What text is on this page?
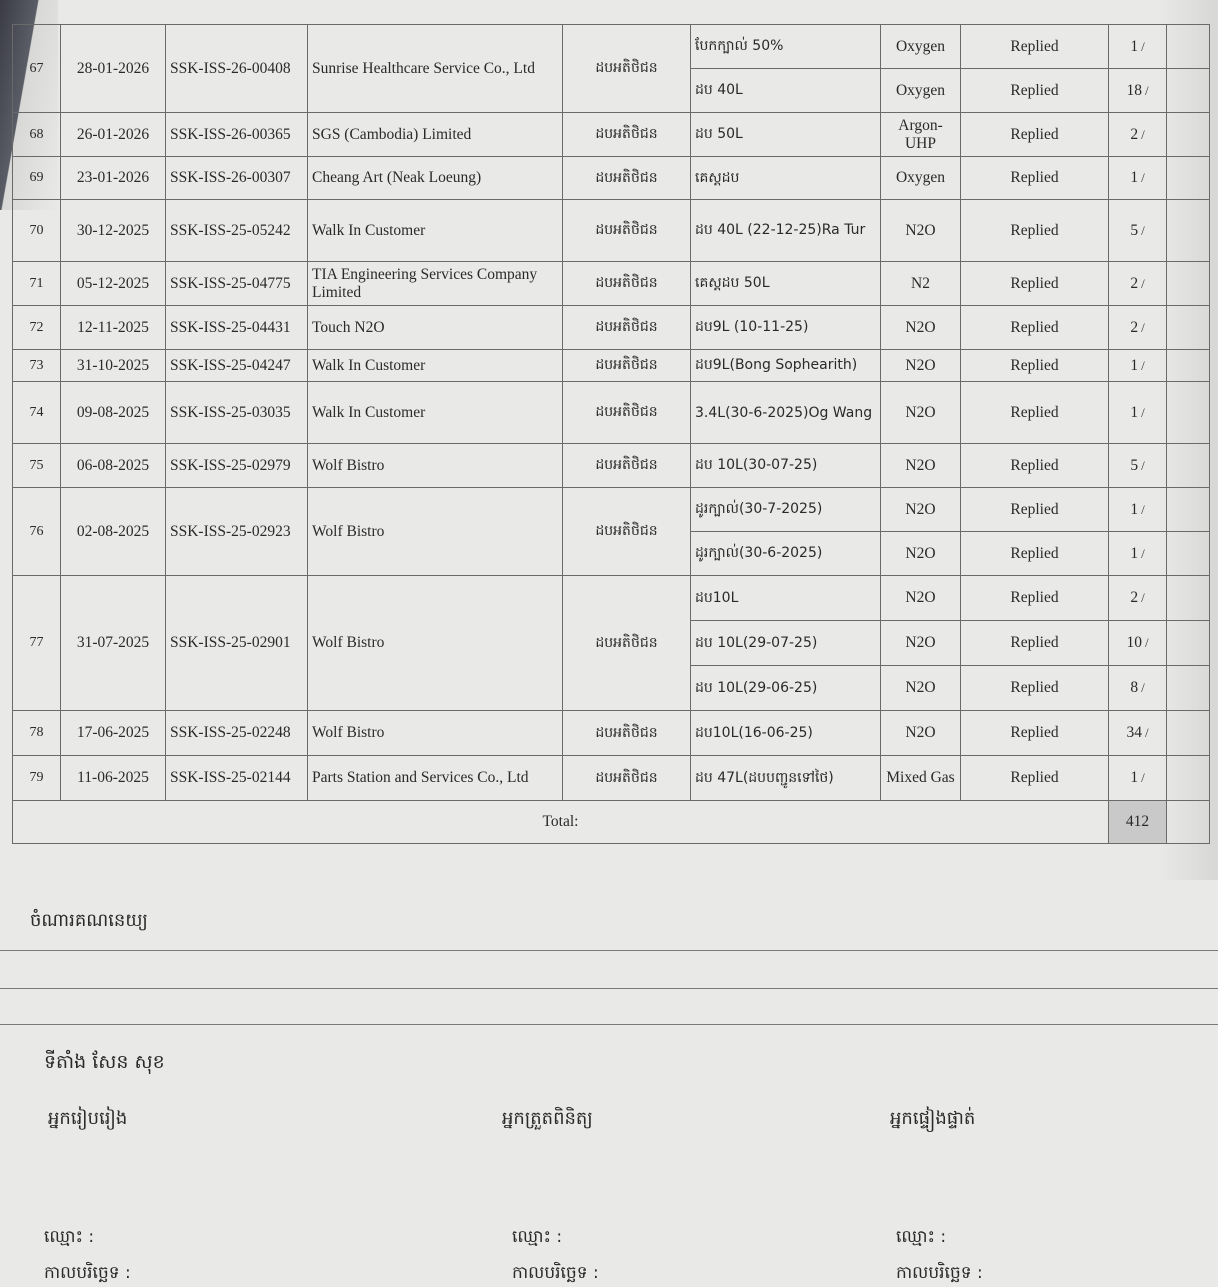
67	28-01-2026	SSK-ISS-26-00408	Sunrise Healthcare Service Co., Ltd	ដបអតិថិជន	បែកក្បាល់ 50%	Oxygen	Replied	1 /	
					ដប 40L	Oxygen	Replied	18 /	
68	26-01-2026	SSK-ISS-26-00365	SGS (Cambodia) Limited	ដបអតិថិជន	ដប 50L	Argon-UHP	Replied	2 /	
69	23-01-2026	SSK-ISS-26-00307	Cheang Art (Neak Loeung)	ដបអតិថិជន	គេស្តដប	Oxygen	Replied	1 /	
70	30-12-2025	SSK-ISS-25-05242	Walk In Customer	ដបអតិថិជន	ដប 40L (22-12-25)Ra Tur	N2O	Replied	5 /	
71	05-12-2025	SSK-ISS-25-04775	TIA Engineering Services Company Limited	ដបអតិថិជន	គេស្តដប 50L	N2	Replied	2 /	
72	12-11-2025	SSK-ISS-25-04431	Touch N2O	ដបអតិថិជន	ដប9L (10-11-25)	N2O	Replied	2 /	
73	31-10-2025	SSK-ISS-25-04247	Walk In Customer	ដបអតិថិជន	ដប9L(Bong Sophearith)	N2O	Replied	1 /	
74	09-08-2025	SSK-ISS-25-03035	Walk In Customer	ដបអតិថិជន	3.4L(30-6-2025)Og Wang	N2O	Replied	1 /	
75	06-08-2025	SSK-ISS-25-02979	Wolf Bistro	ដបអតិថិជន	ដប 10L(30-07-25)	N2O	Replied	5 /	
76	02-08-2025	SSK-ISS-25-02923	Wolf Bistro	ដបអតិថិជន	ដូរក្បាល់(30-7-2025)	N2O	Replied	1 /	
					ដូរក្បាល់(30-6-2025)	N2O	Replied	1 /	
77	31-07-2025	SSK-ISS-25-02901	Wolf Bistro	ដបអតិថិជន	ដប10L	N2O	Replied	2 /	
					ដប 10L(29-07-25)	N2O	Replied	10 /	
					ដប 10L(29-06-25)	N2O	Replied	8 /	
78	17-06-2025	SSK-ISS-25-02248	Wolf Bistro	ដបអតិថិជន	ដប10L(16-06-25)	N2O	Replied	34 /	
79	11-06-2025	SSK-ISS-25-02144	Parts Station and Services Co., Ltd	ដបអតិថិជន	ដប 47L(ដបបញ្ជូនទៅថៃ)	Mixed Gas	Replied	1 /	
Total:								412	
ចំណារគណនេយ្យ
ទីតាំង សែន សុខ
អ្នករៀបរៀង	អ្នកត្រួតពិនិត្យ	អ្នកផ្ទៀងផ្ទាត់
ឈ្មោះ :	ឈ្មោះ :	ឈ្មោះ :
កាលបរិច្ឆេទ :	កាលបរិច្ឆេទ :	កាលបរិច្ឆេទ :
